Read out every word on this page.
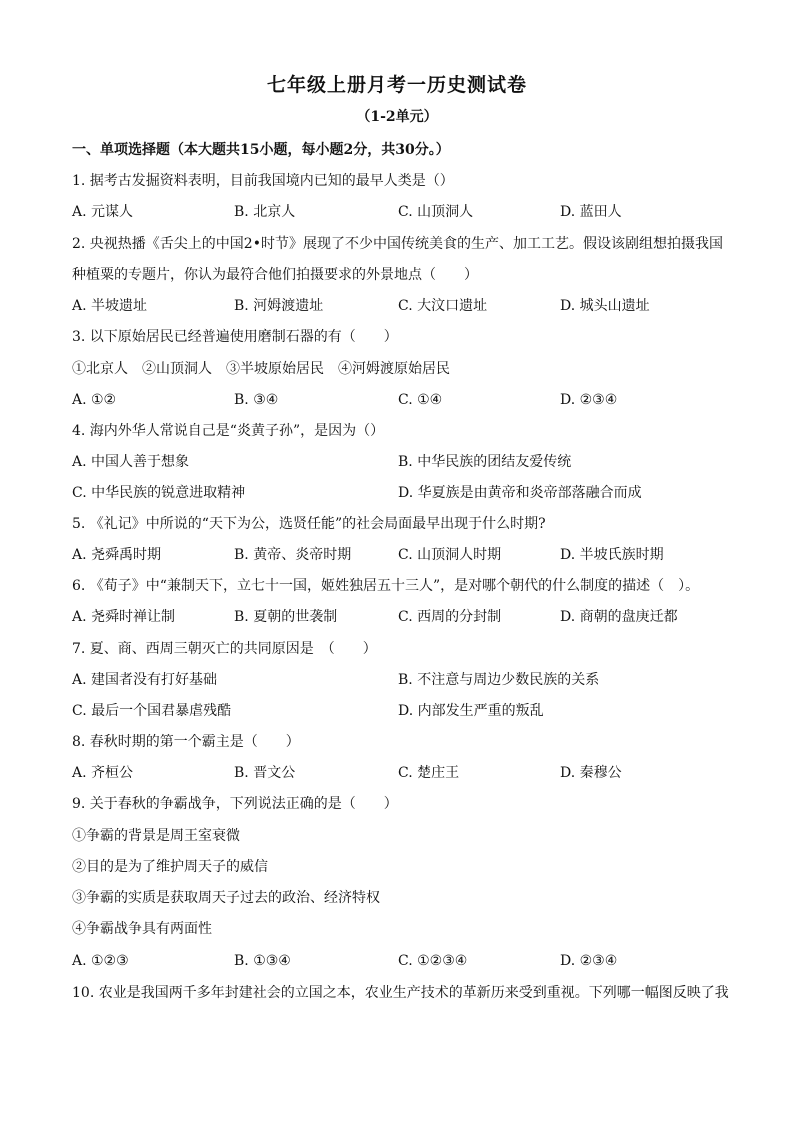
七年级上册月考一历史测试卷
（1-2单元）
一、单项选择题（本大题共15小题，每小题2分，共30分。）
1. 据考古发掘资料表明，目前我国境内已知的最早人类是（）
A. 元谋人	B. 北京人	C. 山顶洞人	D. 蓝田人
2. 央视热播《舌尖上的中国2•时节》展现了不少中国传统美食的生产、加工工艺。假设该剧组想拍摄我国
种植粟的专题片，你认为最符合他们拍摄要求的外景地点（　　）
A. 半坡遗址	B. 河姆渡遗址	C. 大汶口遗址	D. 城头山遗址
3. 以下原始居民已经普遍使用磨制石器的有（　　）
①北京人　②山顶洞人　③半坡原始居民　④河姆渡原始居民
A. ①②	B. ③④	C. ①④	D. ②③④
4. 海内外华人常说自己是“炎黄子孙”，是因为（）
A. 中国人善于想象	B. 中华民族的团结友爱传统
C. 中华民族的锐意进取精神	D. 华夏族是由黄帝和炎帝部落融合而成
5. 《礼记》中所说的“天下为公，选贤任能”的社会局面最早出现于什么时期?
A. 尧舜禹时期	B. 黄帝、炎帝时期	C. 山顶洞人时期	D. 半坡氏族时期
6. 《荀子》中“兼制天下，立七十一国，姬姓独居五十三人”，是对哪个朝代的什么制度的描述（　）。
A. 尧舜时禅让制	B. 夏朝的世袭制	C. 西周的分封制	D. 商朝的盘庚迁都
7. 夏、商、西周三朝灭亡的共同原因是　（　　）
A. 建国者没有打好基础	B. 不注意与周边少数民族的关系
C. 最后一个国君暴虐残酷	D. 内部发生严重的叛乱
8. 春秋时期的第一个霸主是（　　）
A. 齐桓公	B. 晋文公	C. 楚庄王	D. 秦穆公
9. 关于春秋的争霸战争，下列说法正确的是（　　）
①争霸的背景是周王室衰微
②目的是为了维护周天子的威信
③争霸的实质是获取周天子过去的政治、经济特权
④争霸战争具有两面性
A. ①②③	B. ①③④	C. ①②③④	D. ②③④
10. 农业是我国两千多年封建社会的立国之本，农业生产技术的革新历来受到重视。下列哪一幅图反映了我
